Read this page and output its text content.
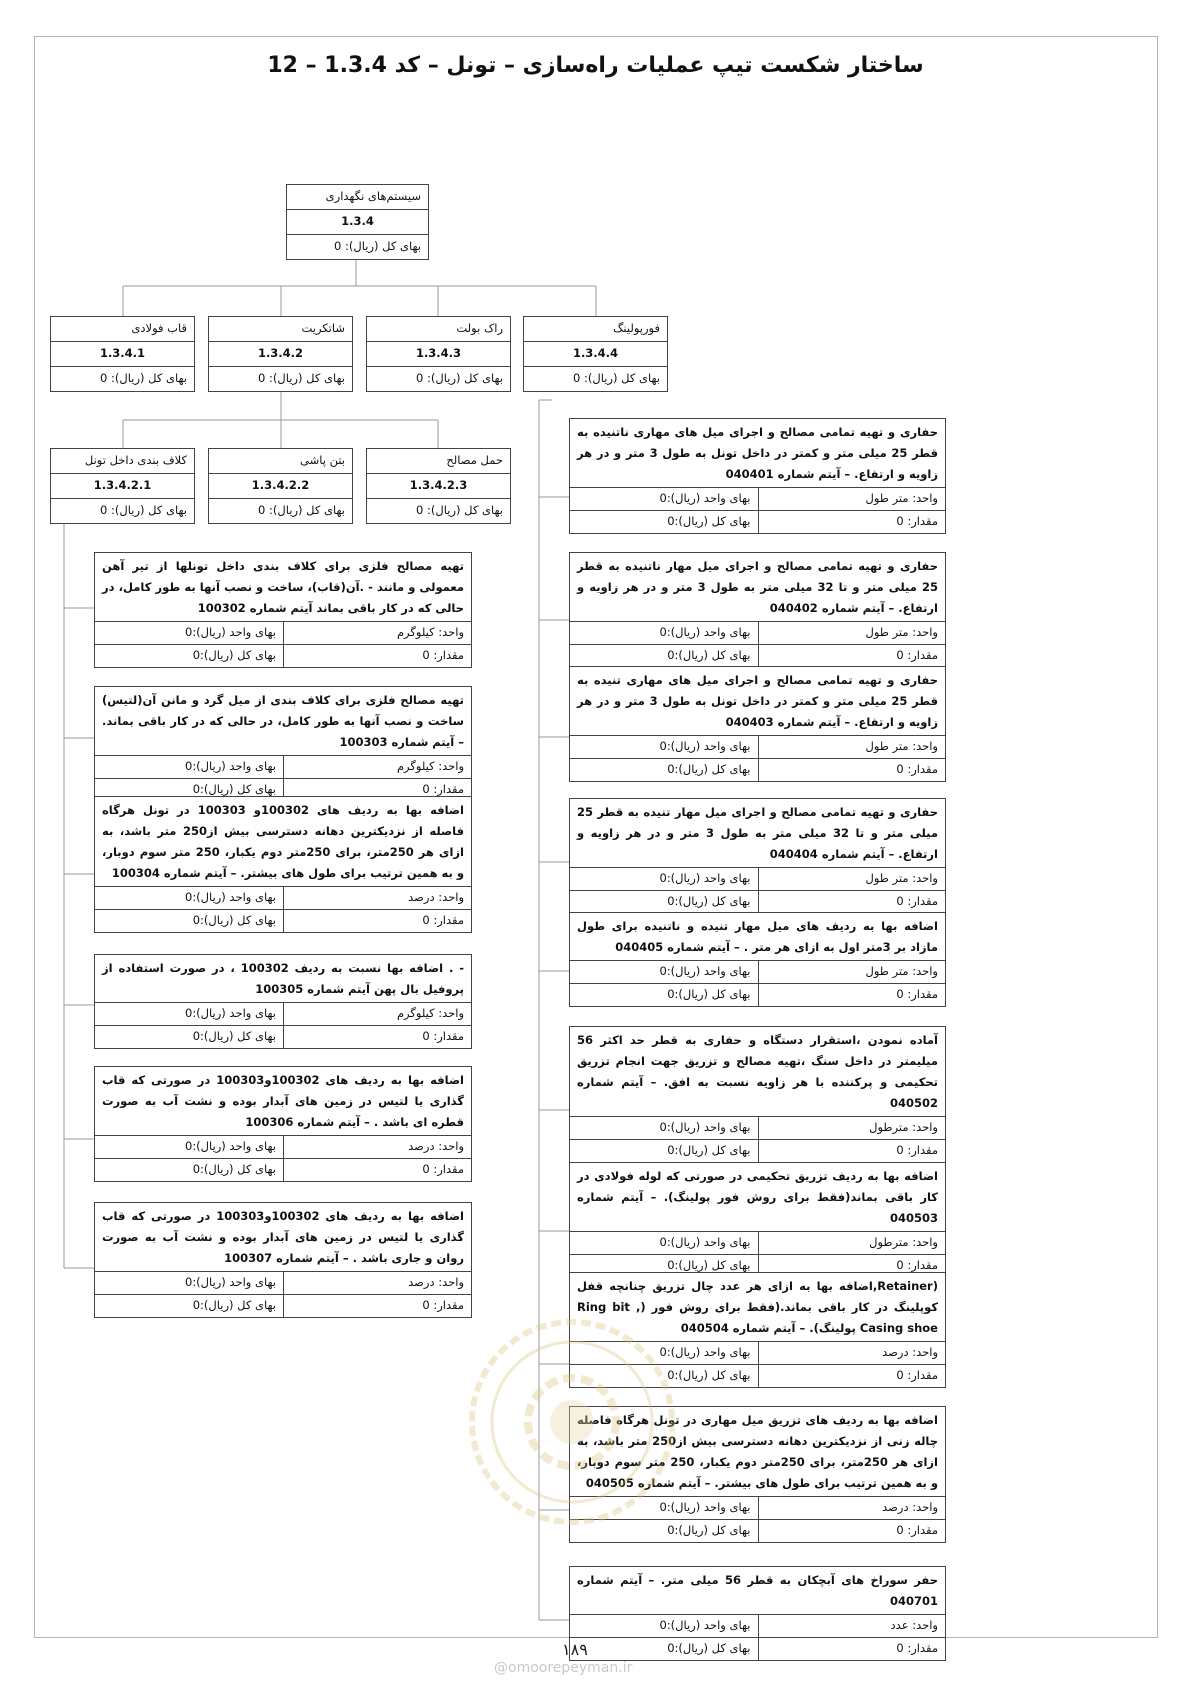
ساختار شکست تیپ عملیات راه‌سازی – تونل – کد 1.3.4 – 12
سیستم‌های نگهداری
1.3.4
بهای کل (ریال): 0
فورپولینگ
1.3.4.4
بهای کل (ریال): 0
راک بولت
1.3.4.3
بهای کل (ریال): 0
شاتکریت
1.3.4.2
بهای کل (ریال): 0
قاب فولادی
1.3.4.1
بهای کل (ریال): 0
حمل مصالح
1.3.4.2.3
بهای کل (ریال): 0
بتن پاشی
1.3.4.2.2
بهای کل (ریال): 0
کلاف بندی داخل تونل
1.3.4.2.1
بهای کل (ریال): 0
تهیه مصالح فلزی برای کلاف بندی داخل تونلها از تیر آهن معمولی و مانند - .آن(قاب)، ساخت و نصب آنها به طور کامل، در حالی که در کار باقی بماند آیتم شماره 100302
واحد: کیلوگرم
بهای واحد (ریال):0
مقدار: 0
بهای کل (ریال):0
تهیه مصالح فلزی برای کلاف بندی از میل گرد و مانن آن(لتیس) ساخت و نصب آنها به طور کامل، در حالی که در کار باقی بماند. – آیتم شماره 100303
واحد: کیلوگرم
بهای واحد (ریال):0
مقدار: 0
بهای کل (ریال):0
اضافه بها به ردیف های 100302و 100303 در تونل هرگاه فاصله از نزدیکترین دهانه دسترسی بیش از250 متر باشد، به ازای هر 250متر، برای 250متر دوم یکبار، 250 متر سوم دوبار، و به همین ترتیب برای طول های بیشتر. – آیتم شماره 100304
واحد: درصد
بهای واحد (ریال):0
مقدار: 0
بهای کل (ریال):0
- . اضافه بها نسبت به ردیف 100302 ، در صورت استفاده از پروفیل بال پهن آیتم شماره 100305
واحد: کیلوگرم
بهای واحد (ریال):0
مقدار: 0
بهای کل (ریال):0
اضافه بها به ردیف های 100302و100303 در صورتی که قاب گذاری یا لتیس در زمین های آبدار بوده و نشت آب به صورت قطره ای باشد . – آیتم شماره 100306
واحد: درصد
بهای واحد (ریال):0
مقدار: 0
بهای کل (ریال):0
اضافه بها به ردیف های 100302و100303 در صورتی که قاب گذاری یا لتیس در زمین های آبدار بوده و نشت آب به صورت روان و جاری باشد . – آیتم شماره 100307
واحد: درصد
بهای واحد (ریال):0
مقدار: 0
بهای کل (ریال):0
حفاری و تهیه تمامی مصالح و اجرای میل های مهاری ناتنیده به قطر 25 میلی متر و کمتر در داخل تونل به طول 3 متر و در هر زاویه و ارتفاع. – آیتم شماره 040401
واحد: متر طول
بهای واحد (ریال):0
مقدار: 0
بهای کل (ریال):0
حفاری و تهیه تمامی مصالح و اجرای میل مهار ناتنیده به قطر 25 میلی متر و تا 32 میلی متر به طول 3 متر و در هر زاویه و ارتفاع. – آیتم شماره 040402
واحد: متر طول
بهای واحد (ریال):0
مقدار: 0
بهای کل (ریال):0
حفاری و تهیه تمامی مصالح و اجرای میل های مهاری تنیده به قطر 25 میلی متر و کمتر در داخل تونل به طول 3 متر و در هر زاویه و ارتفاع. – آیتم شماره 040403
واحد: متر طول
بهای واحد (ریال):0
مقدار: 0
بهای کل (ریال):0
حفاری و تهیه تمامی مصالح و اجرای میل مهار تنیده به قطر 25 میلی متر و تا 32 میلی متر به طول 3 متر و در هر زاویه و ارتفاع. – آیتم شماره 040404
واحد: متر طول
بهای واحد (ریال):0
مقدار: 0
بهای کل (ریال):0
اضافه بها به ردیف های میل مهار تنیده و ناتنیده برای طول مازاد بر 3متر اول به ازای هر متر . – آیتم شماره 040405
واحد: متر طول
بهای واحد (ریال):0
مقدار: 0
بهای کل (ریال):0
آماده نمودن ،استقرار دستگاه و حفاری به قطر حد اکثر 56 میلیمتر در داخل سنگ ،تهیه مصالح و تزریق جهت انجام تزریق تحکیمی و پرکننده با هر زاویه نسبت به افق. – آیتم شماره 040502
واحد: مترطول
بهای واحد (ریال):0
مقدار: 0
بهای کل (ریال):0
اضافه بها به ردیف تزریق تحکیمی در صورتی که لوله فولادی در کار باقی بماند(فقط برای روش فور پولینگ). – آیتم شماره 040503
واحد: مترطول
بهای واحد (ریال):0
مقدار: 0
بهای کل (ریال):0
(Retainer,اضافه بها به ازای هر عدد چال تزریق چنانچه قفل کوپلینگ در کار باقی بماند.(فقط برای روش فور (Ring bit , Casing shoe پولینگ). – آیتم شماره 040504
واحد: درصد
بهای واحد (ریال):0
مقدار: 0
بهای کل (ریال):0
اضافه بها به ردیف های تزریق میل مهاری در تونل هرگاه فاصله چاله زنی از نزدیکترین دهانه دسترسی بیش از250 متر باشد، به ازای هر 250متر، برای 250متر دوم یکبار، 250 متر سوم دوبار، و به همین ترتیب برای طول های بیشتر. – آیتم شماره 040505
واحد: درصد
بهای واحد (ریال):0
مقدار: 0
بهای کل (ریال):0
حفر سوراخ های آبچکان به قطر 56 میلی متر. – آیتم شماره 040701
واحد: عدد
بهای واحد (ریال):0
مقدار: 0
بهای کل (ریال):0
۱۸۹
@omoorepeyman.ir
